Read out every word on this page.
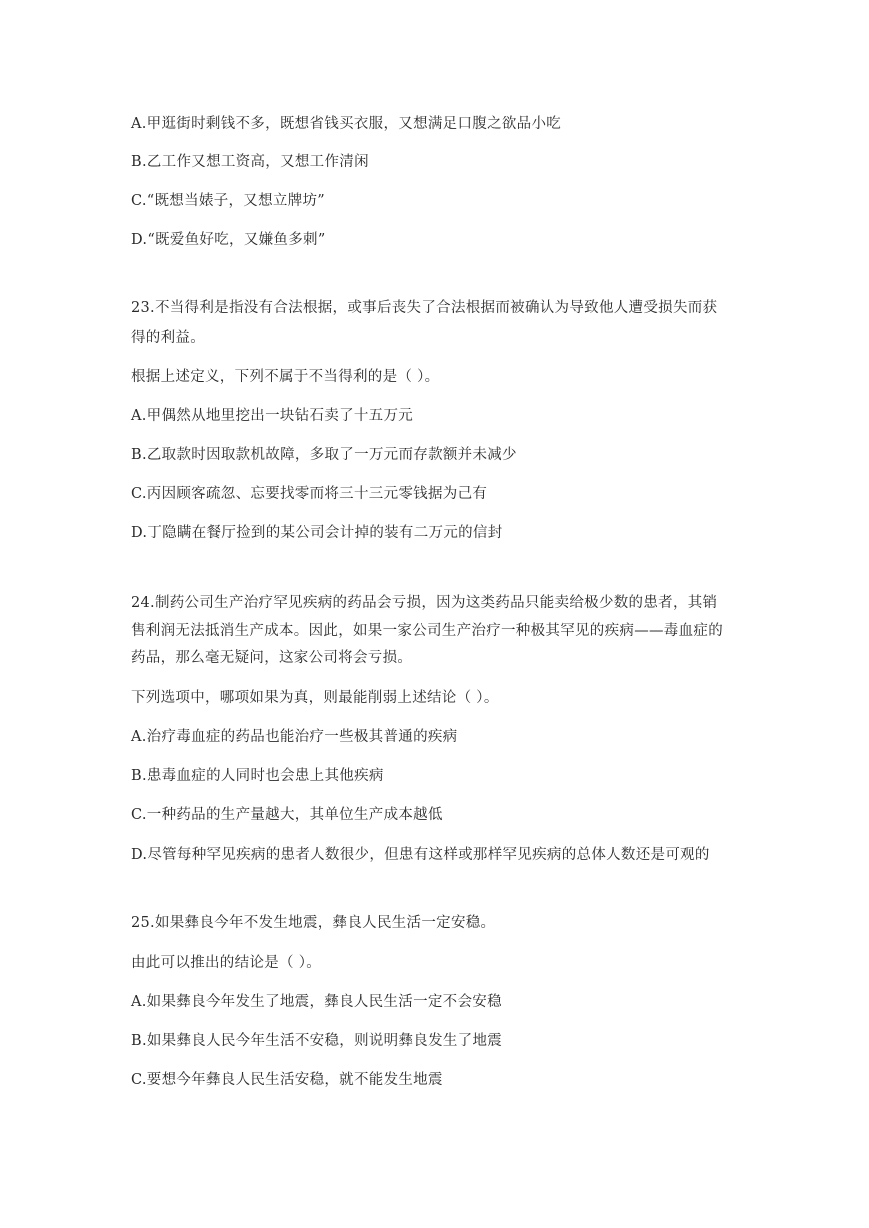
A.甲逛街时剩钱不多，既想省钱买衣服，又想满足口腹之欲品小吃
B.乙工作又想工资高，又想工作清闲
C.“既想当婊子，又想立牌坊”
D.“既爱鱼好吃，又嫌鱼多刺”
23.不当得利是指没有合法根据，或事后丧失了合法根据而被确认为导致他人遭受损失而获
得的利益。
根据上述定义，下列不属于不当得利的是（ ）。
A.甲偶然从地里挖出一块钻石卖了十五万元
B.乙取款时因取款机故障，多取了一万元而存款额并未减少
C.丙因顾客疏忽、忘要找零而将三十三元零钱据为己有
D.丁隐瞒在餐厅捡到的某公司会计掉的装有二万元的信封
24.制药公司生产治疗罕见疾病的药品会亏损，因为这类药品只能卖给极少数的患者，其销
售利润无法抵消生产成本。因此，如果一家公司生产治疗一种极其罕见的疾病——毒血症的
药品，那么毫无疑问，这家公司将会亏损。
下列选项中，哪项如果为真，则最能削弱上述结论（ ）。
A.治疗毒血症的药品也能治疗一些极其普通的疾病
B.患毒血症的人同时也会患上其他疾病
C.一种药品的生产量越大，其单位生产成本越低
D.尽管每种罕见疾病的患者人数很少，但患有这样或那样罕见疾病的总体人数还是可观的
25.如果彝良今年不发生地震，彝良人民生活一定安稳。
由此可以推出的结论是（ ）。
A.如果彝良今年发生了地震，彝良人民生活一定不会安稳
B.如果彝良人民今年生活不安稳，则说明彝良发生了地震
C.要想今年彝良人民生活安稳，就不能发生地震
